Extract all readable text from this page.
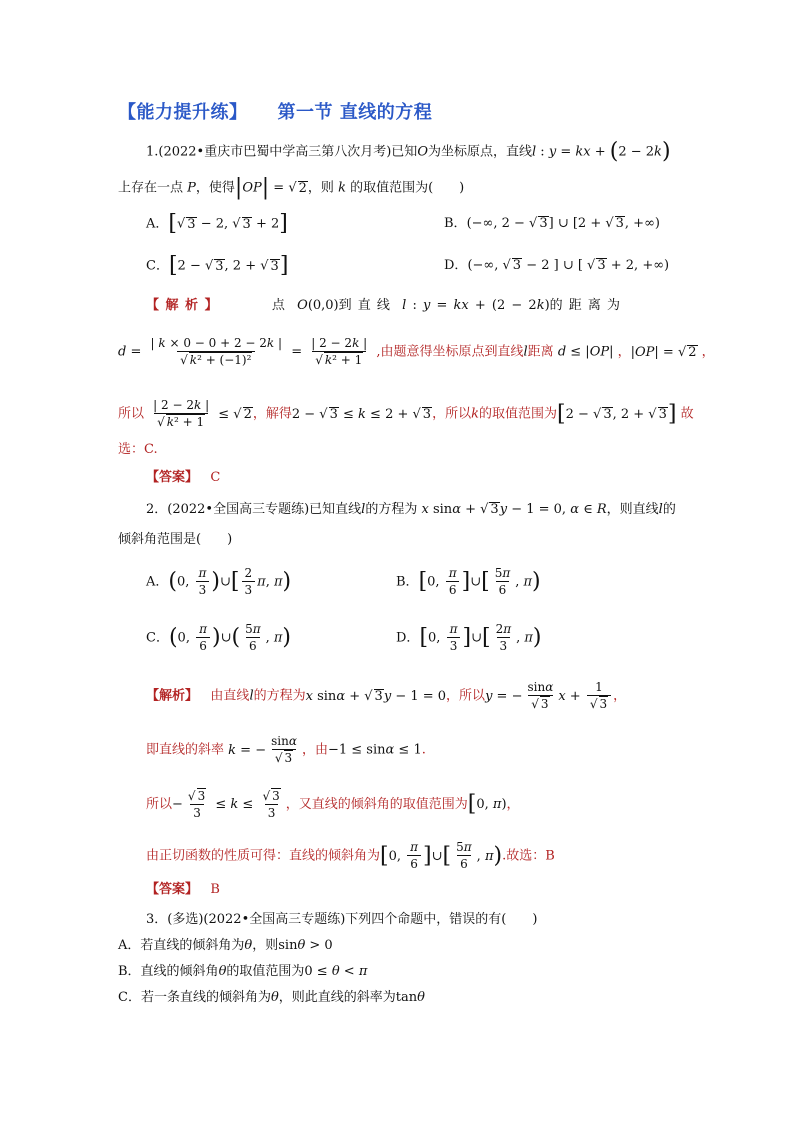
【能力提升练】 第一节 直线的方程
1.(2022•重庆市巴蜀中学高三第八次月考)已知O为坐标原点，直线l : y = kx + (2 − 2k)
上存在一点 P，使得|OP| = √ 2，则 k 的取值范围为(　　)
A．[√ 3 − 2, √ 3 + 2]	B．(−∞, 2 − √ 3] ∪ [2 + √ 3, +∞)
C．[2 − √ 3, 2 + √ 3]	D．(−∞, √ 3 − 2 ] ∪ [ √ 3 + 2, +∞)
【 解 析 】	点 O(0,0)到 直 线 l : y = kx + (2 − 2k)的 距 离 为
$d = \frac{| k \times 0 - 0 + 2 - 2k |}{\text{√ k² + (−1)²}} = \frac{| 2 - 2k |}{\text{√ k² + 1}}$ ,由题意得坐标原点到直线l距离 d ≤ |OP| ，|OP| = √ 2 ，
所以 $\frac{| 2 - 2k |}{\text{√ k² + 1}}$ ≤ √ 2，解得2 − √ 3 ≤ k ≤ 2 + √ 3，所以k的取值范围为[2 − √ 3, 2 + √ 3] 故
选：C.
【答案】 C
2．(2022•全国高三专题练)已知直线l的方程为 x sinα + √ 3y − 1 = 0, α ∈ R，则直线l的
倾斜角范围是(　　)
A．(0, $\frac{\pi}{3}$ )∪[ $\frac{2}{3} \pi$, π)	B．[0, $\frac{\pi}{6}$ ]∪[ $\frac{5\pi}{6}$ , π)
C．(0, $\frac{\pi}{6}$ )∪( $\frac{5\pi}{6}$ , π)	D．[0, $\frac{\pi}{3}$ ]∪[ $\frac{2\pi}{3}$ , π)
【解析】 由直线l的方程为x sinα + √ 3y − 1 = 0，所以y = − $\frac{\sin\alpha}{√ 3}$ $x + \frac{1}{√ 3}$ ，
即直线的斜率 k = − $\frac{\sin\alpha}{√ 3}$ ，由−1 ≤ sinα ≤ 1.
所以− $\frac{√ 3}{3} \le k \le \frac{√ 3}{3}$ ，又直线的倾斜角的取值范围为[0, π)，
由正切函数的性质可得：直线的倾斜角为[0, $\frac{\pi}{6}$ ]∪[ $\frac{5\pi}{6}$ , π).故选：B
【答案】 B
3．(多选)(2022•全国高三专题练)下列四个命题中，错误的有(　　)
A．若直线的倾斜角为θ，则sinθ > 0
B．直线的倾斜角θ的取值范围为0 ≤ θ < π
C．若一条直线的倾斜角为θ，则此直线的斜率为tanθ
